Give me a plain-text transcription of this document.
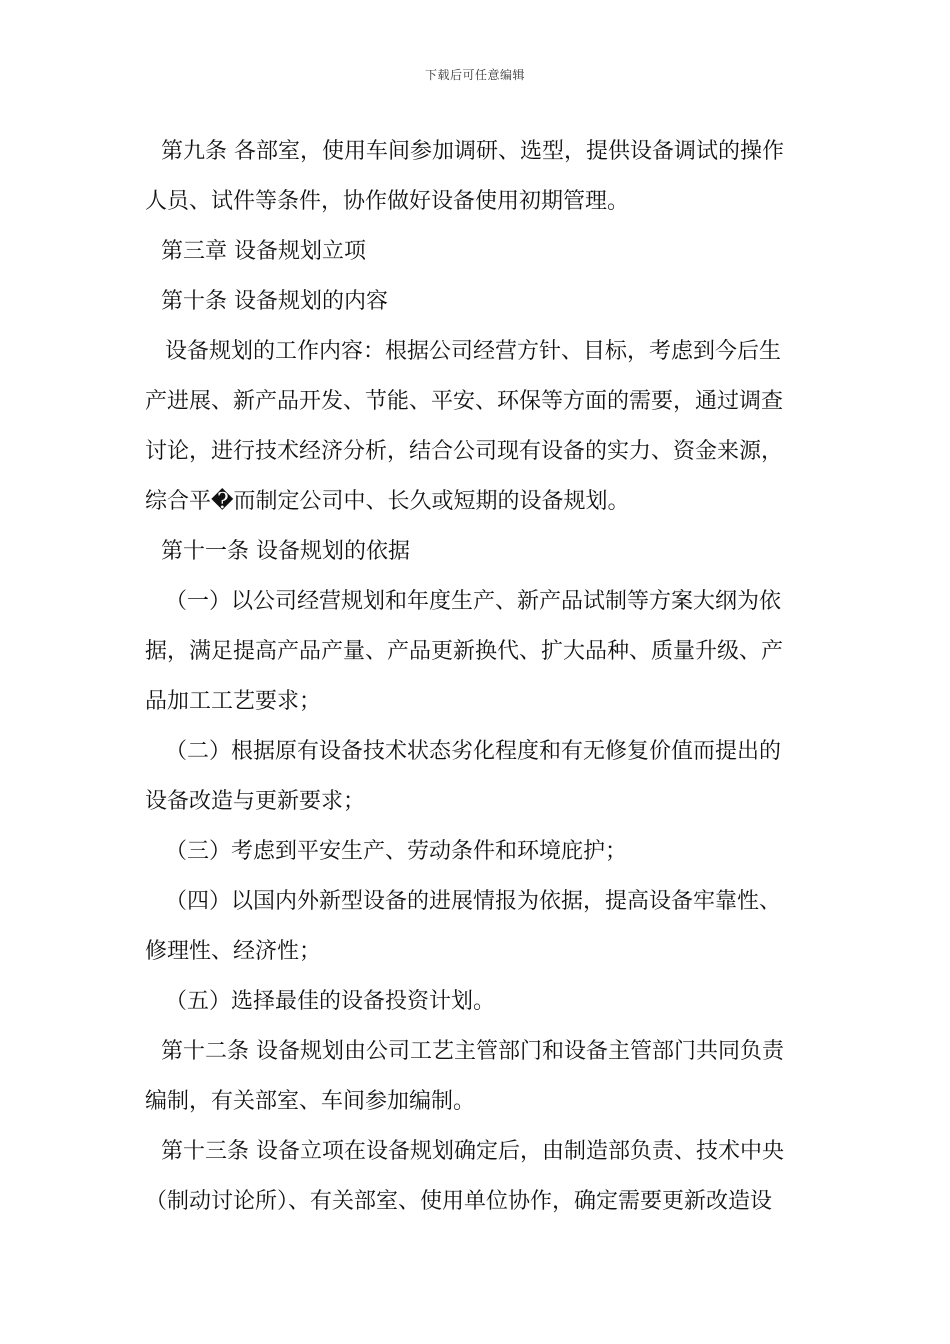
下载后可任意编辑
第九条 各部室，使用车间参加调研、选型，提供设备调试的操作
人员、试件等条件，协作做好设备使用初期管理。
第三章 设备规划立项
第十条 设备规划的内容
设备规划的工作内容：根据公司经营方针、目标，考虑到今后生
产进展、新产品开发、节能、平安、环保等方面的需要，通过调查
讨论，进行技术经济分析，结合公司现有设备的实力、资金来源，
综合平�而制定公司中、长久或短期的设备规划。
第十一条 设备规划的依据
（一）以公司经营规划和年度生产、新产品试制等方案大纲为依
据，满足提高产品产量、产品更新换代、扩大品种、质量升级、产
品加工工艺要求；
（二）根据原有设备技术状态劣化程度和有无修复价值而提出的
设备改造与更新要求；
（三）考虑到平安生产、劳动条件和环境庇护；
（四）以国内外新型设备的进展情报为依据，提高设备牢靠性、
修理性、经济性；
（五）选择最佳的设备投资计划。
第十二条 设备规划由公司工艺主管部门和设备主管部门共同负责
编制，有关部室、车间参加编制。
第十三条 设备立项在设备规划确定后，由制造部负责、技术中央
（制动讨论所）、有关部室、使用单位协作，确定需要更新改造设
